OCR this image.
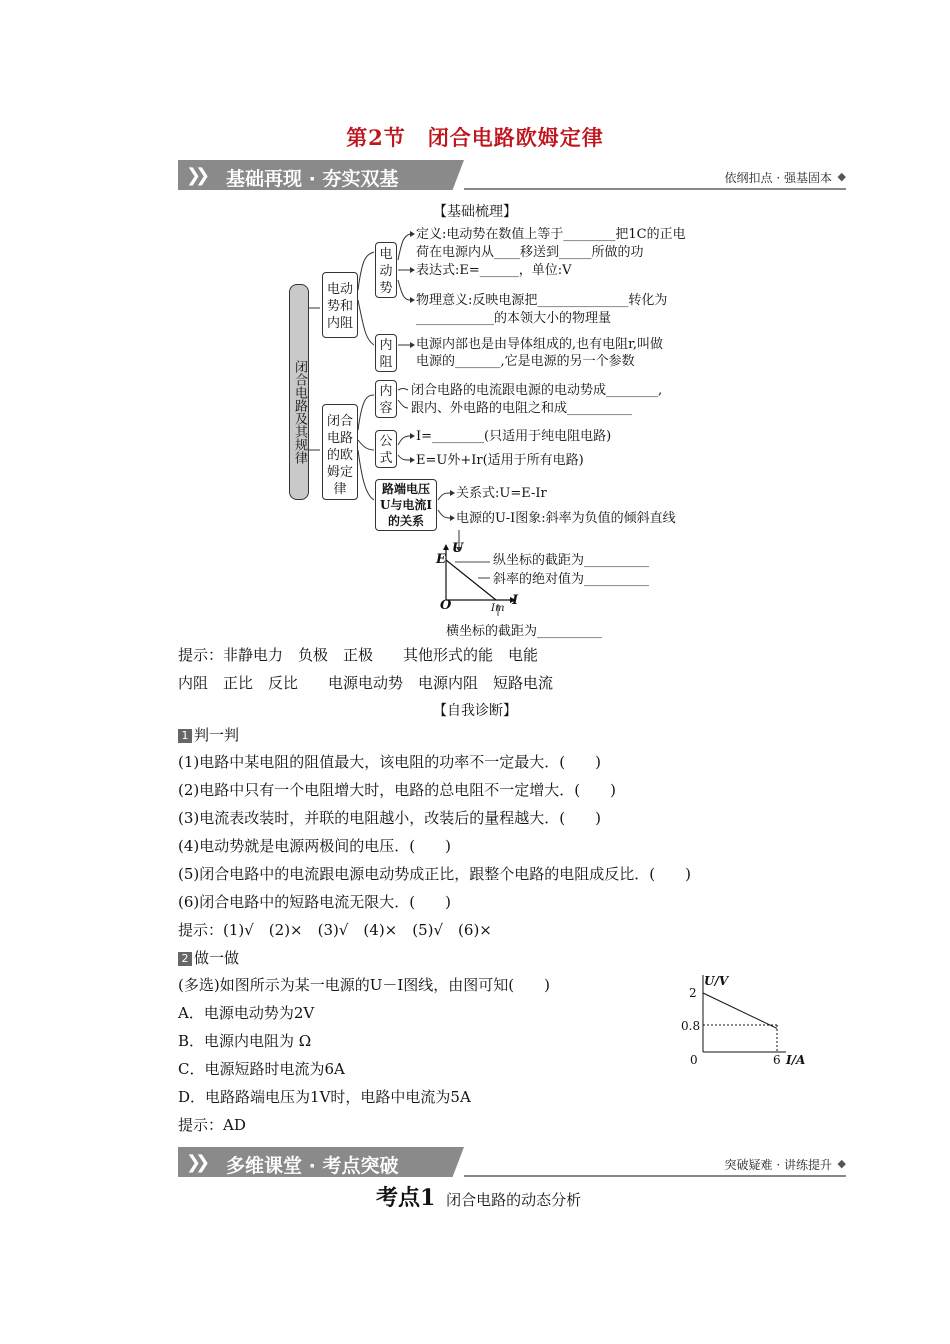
第2节　闭合电路欧姆定律
❯❯ 基础再现 · 夯实双基	依纲扣点 · 强基固本 ◆
【基础梳理】
闭合电路及其规律
电动势和内阻
闭合电路的欧姆定律
电动势
内阻
内容
公式
路端电压U与电流I的关系
定义:电动势在数值上等于________把1C的正电
荷在电源内从____移送到_____所做的功
表达式:E=______，单位:V
物理意义:反映电源把______________转化为
____________的本领大小的物理量
电源内部也是由导体组成的,也有电阻r,叫做
电源的_______,它是电源的另一个参数
闭合电路的电流跟电源的电动势成________,
跟内、外电路的电阻之和成__________
I=________(只适用于纯电阻电路)
E=U外+Ir(适用于所有电路)
关系式:U=E-Ir
电源的U-I图象:斜率为负值的倾斜直线
纵坐标的截距为__________
斜率的绝对值为__________
横坐标的截距为__________
E
U
O	I
Im
提示：非静电力　负极　正极　　其他形式的能　电能
内阻　正比　反比　　电源电动势　电源内阻　短路电流
【自我诊断】
1 判一判
(1)电路中某电阻的阻值最大，该电阻的功率不一定最大．(　　)
(2)电路中只有一个电阻增大时，电路的总电阻不一定增大．(　　)
(3)电流表改装时，并联的电阻越小，改装后的量程越大．(　　)
(4)电动势就是电源两极间的电压．(　　)
(5)闭合电路中的电流跟电源电动势成正比，跟整个电路的电阻成反比．(　　)
(6)闭合电路中的短路电流无限大．(　　)
提示：(1)√　(2)×　(3)√　(4)×　(5)√　(6)×
2 做一做
(多选)如图所示为某一电源的U－I图线，由图可知(　　)
A．电源电动势为2V
B．电源内电阻为 Ω
C．电源短路时电流为6A
D．电路路端电压为1V时，电路中电流为5A
提示：AD
U/V
2
0.8
0	6 I/A
❯❯ 多维课堂 · 考点突破	突破疑难 · 讲练提升 ◆
考点1 闭合电路的动态分析
